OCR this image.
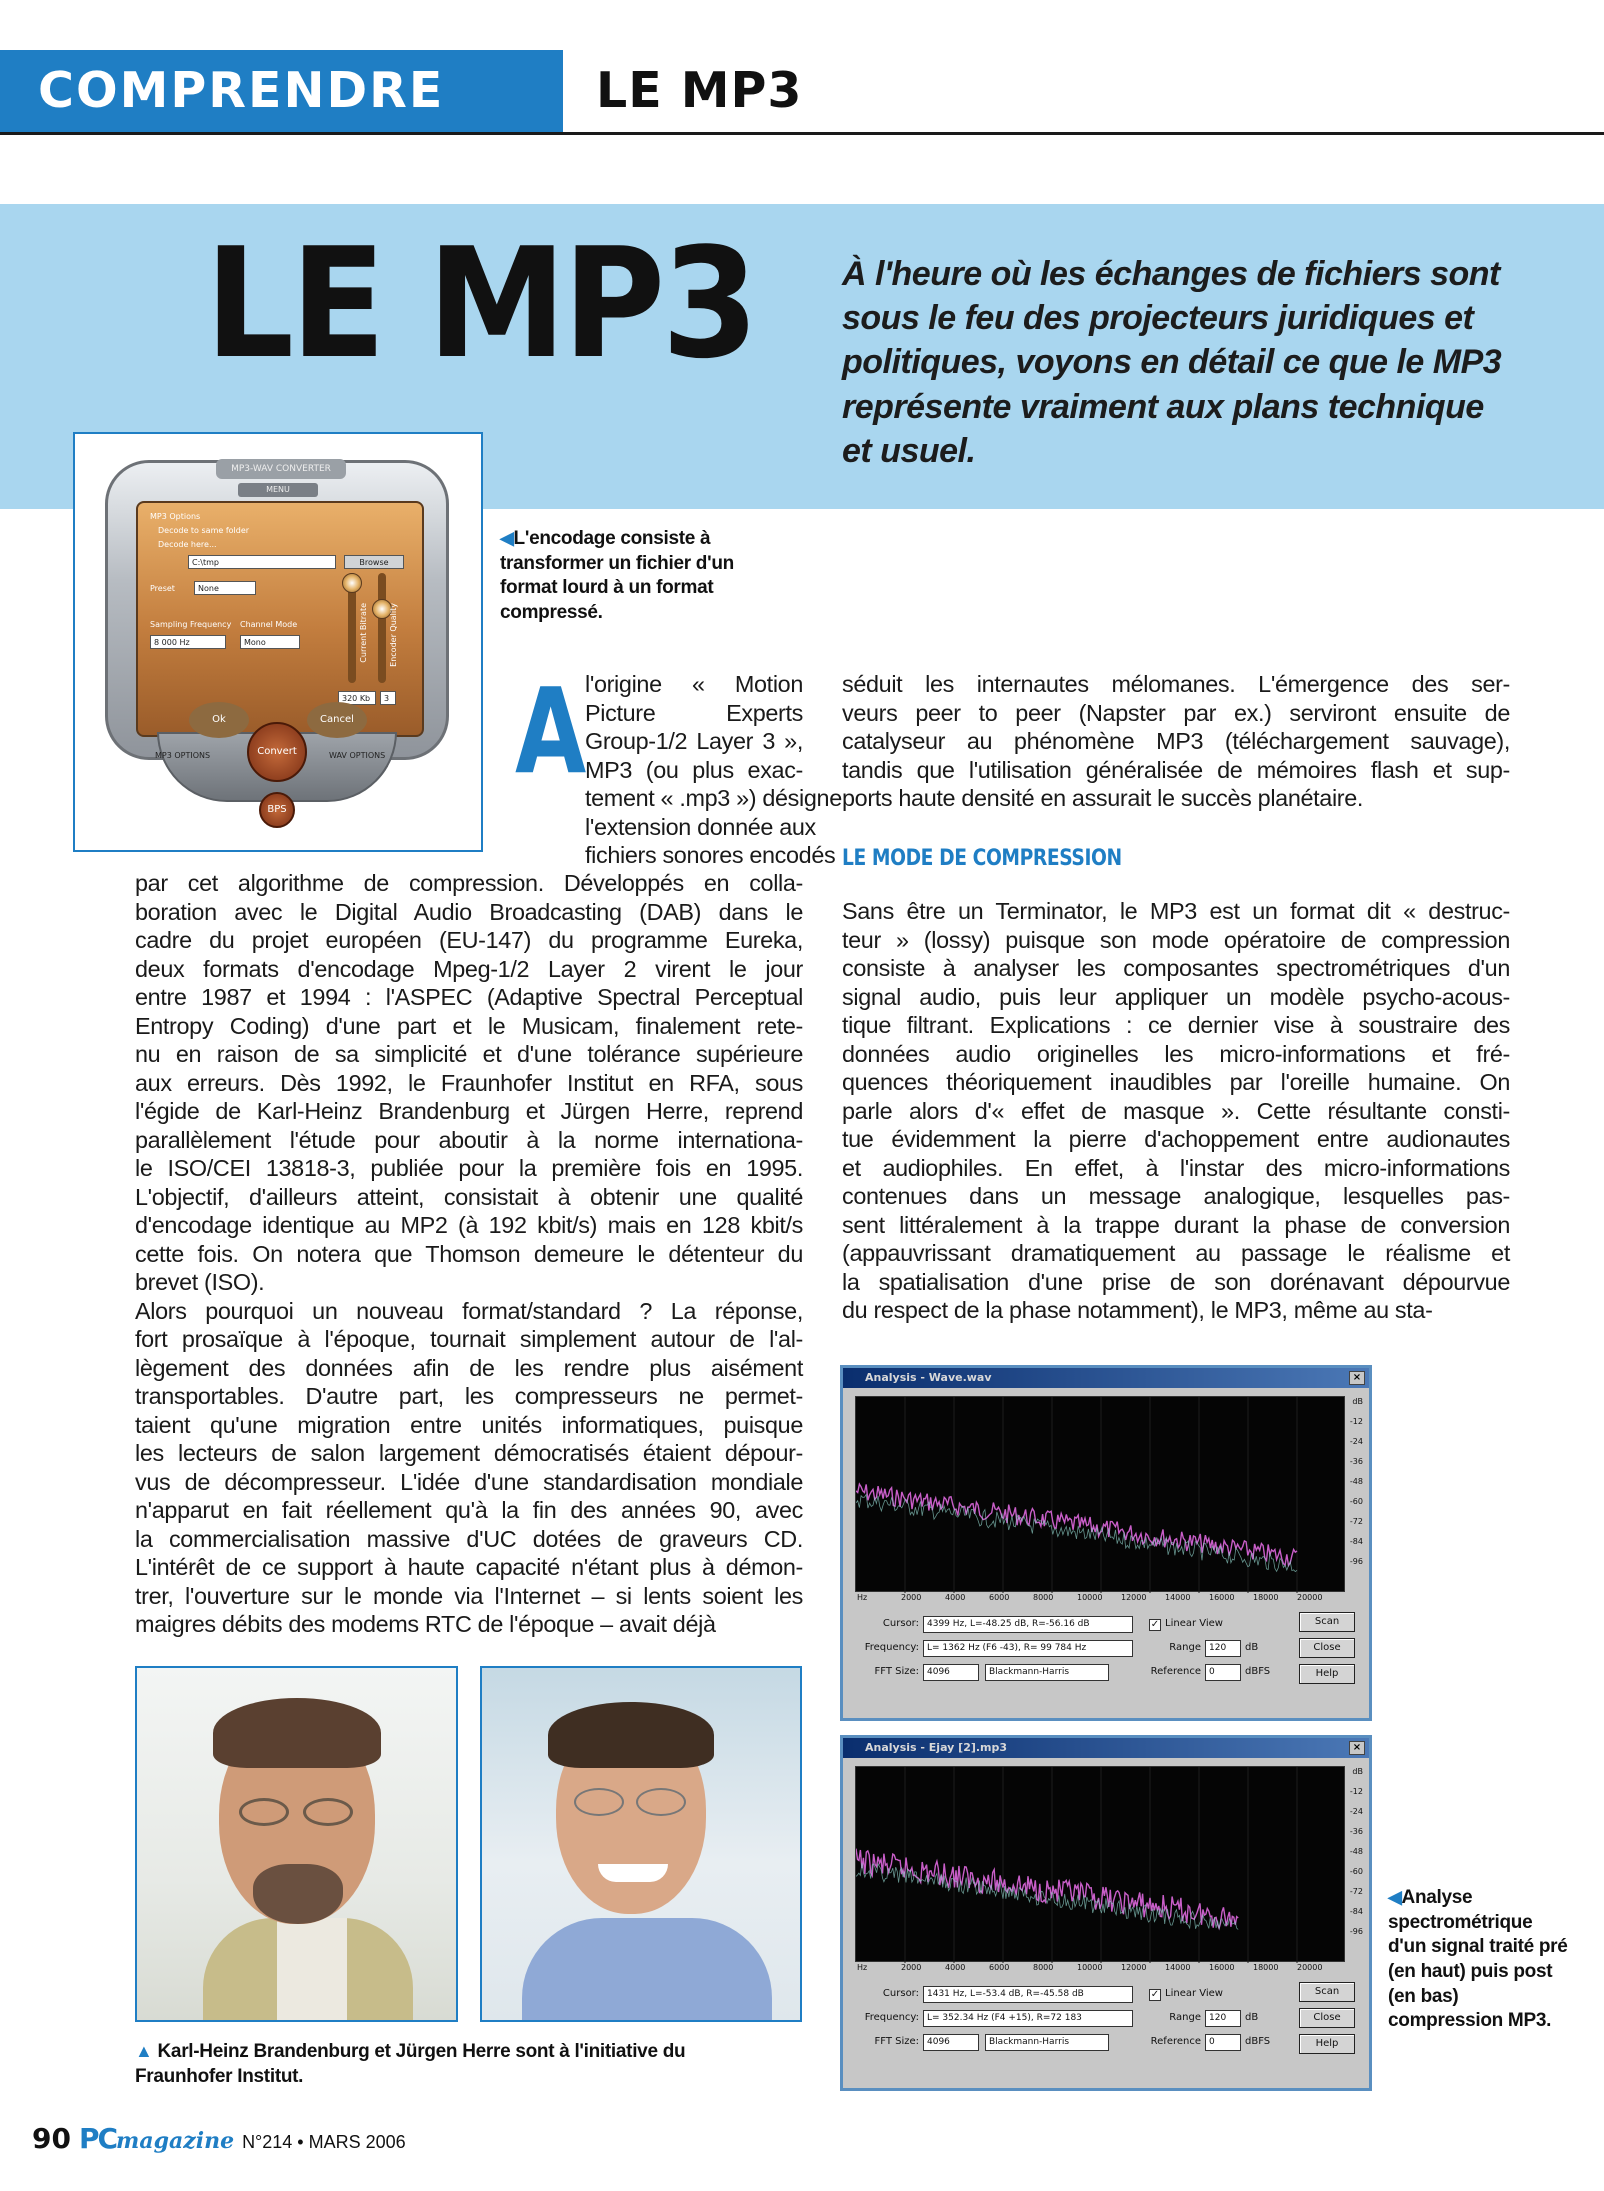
COMPRENDRE	LE MP3
LE MP3	À l'heure où les échanges de fichiers sont sous le feu des projecteurs juridiques et politiques, voyons en détail ce que le MP3 représente vraiment aux plans technique et usuel.
MP3-WAV CONVERTER
MENU
MP3 Options
Decode to same folder
Decode here...
C:\tmp	Browse
Preset	None
Sampling Frequency Channel Mode
8 000 Hz	Mono	Current Bitrate	Encoder Quality
320 Kb	3
Ok	Cancel
Convert
MP3 OPTIONS	WAV OPTIONS
BPS
◀L'encodage consiste à transformer un fichier d'un format lourd à un format compressé.
A
l'origine « Motion
Picture Experts
Group-1/2 Layer 3 »,
MP3 (ou plus exac-
tement « .mp3 ») désigne
l'extension donnée aux
fichiers sonores encodés
par cet algorithme de compression. Développés en colla-
boration avec le Digital Audio Broadcasting (DAB) dans le
cadre du projet européen (EU-147) du programme Eureka,
deux formats d'encodage Mpeg-1/2 Layer 2 virent le jour
entre 1987 et 1994 : l'ASPEC (Adaptive Spectral Perceptual
Entropy Coding) d'une part et le Musicam, finalement rete-
nu en raison de sa simplicité et d'une tolérance supérieure
aux erreurs. Dès 1992, le Fraunhofer Institut en RFA, sous
l'égide de Karl-Heinz Brandenburg et Jürgen Herre, reprend
parallèlement l'étude pour aboutir à la norme internationa-
le ISO/CEI 13818-3, publiée pour la première fois en 1995.
L'objectif, d'ailleurs atteint, consistait à obtenir une qualité
d'encodage identique au MP2 (à 192 kbit/s) mais en 128 kbit/s
cette fois. On notera que Thomson demeure le détenteur du
brevet (ISO).
Alors pourquoi un nouveau format/standard ? La réponse,
fort prosaïque à l'époque, tournait simplement autour de l'al-
lègement des données afin de les rendre plus aisément
transportables. D'autre part, les compresseurs ne permet-
taient qu'une migration entre unités informatiques, puisque
les lecteurs de salon largement démocratisés étaient dépour-
vus de décompresseur. L'idée d'une standardisation mondiale
n'apparut en fait réellement qu'à la fin des années 90, avec
la commercialisation massive d'UC dotées de graveurs CD.
L'intérêt de ce support à haute capacité n'étant plus à démon-
trer, l'ouverture sur le monde via l'Internet – si lents soient les
maigres débits des modems RTC de l'époque – avait déjà
séduit les internautes mélomanes. L'émergence des ser-
veurs peer to peer (Napster par ex.) serviront ensuite de
catalyseur au phénomène MP3 (téléchargement sauvage),
tandis que l'utilisation généralisée de mémoires flash et sup-
ports haute densité en assurait le succès planétaire.
LE MODE DE COMPRESSION
Sans être un Terminator, le MP3 est un format dit « destruc-
teur » (lossy) puisque son mode opératoire de compression
consiste à analyser les composantes spectrométriques d'un
signal audio, puis leur appliquer un modèle psycho-acous-
tique filtrant. Explications : ce dernier vise à soustraire des
données audio originelles les micro-informations et fré-
quences théoriquement inaudibles par l'oreille humaine. On
parle alors d'« effet de masque ». Cette résultante consti-
tue évidemment la pierre d'achoppement entre audionautes
et audiophiles. En effet, à l'instar des micro-informations
contenues dans un message analogique, lesquelles pas-
sent littéralement à la trappe durant la phase de conversion
(appauvrissant dramatiquement au passage le réalisme et
la spatialisation d'une prise de son dorénavant dépourvue
du respect de la phase notamment), le MP3, même au sta-
▲ Karl-Heinz Brandenburg et Jürgen Herre sont à l'initiative du Fraunhofer Institut.
Analysis - Wave.wav	×
dB
-12
-24
-36
-48
-60
-72
-84
-96
Hz	2000	4000	6000	8000	10000 12000 14000 16000 18000 20000
Cursor: 4399 Hz, L=-48.25 dB, R=-56.16 dB
Frequency: L= 1362 Hz (F6 -43), R= 99 784 Hz
FFT Size: 4096	Blackmann-Harris
✓ Linear View
Range 120	dB
Reference 0	dBFS
Scan
Close
Help
Analysis - Ejay [2].mp3	×
dB
-12
-24
-36
-48
-60
-72
-84
-96
Hz	2000	4000	6000	8000	10000 12000 14000 16000 18000 20000
Cursor: 1431 Hz, L=-53.4 dB, R=-45.58 dB
Frequency: L= 352.34 Hz (F4 +15), R=72 183
FFT Size: 4096	Blackmann-Harris
✓ Linear View
Range 120	dB
Reference 0	dBFS
Scan
Close
Help
◀Analyse spectrométrique d'un signal traité pré (en haut) puis post (en bas) compression MP3.
90 PC magazine N°214 • MARS 2006
